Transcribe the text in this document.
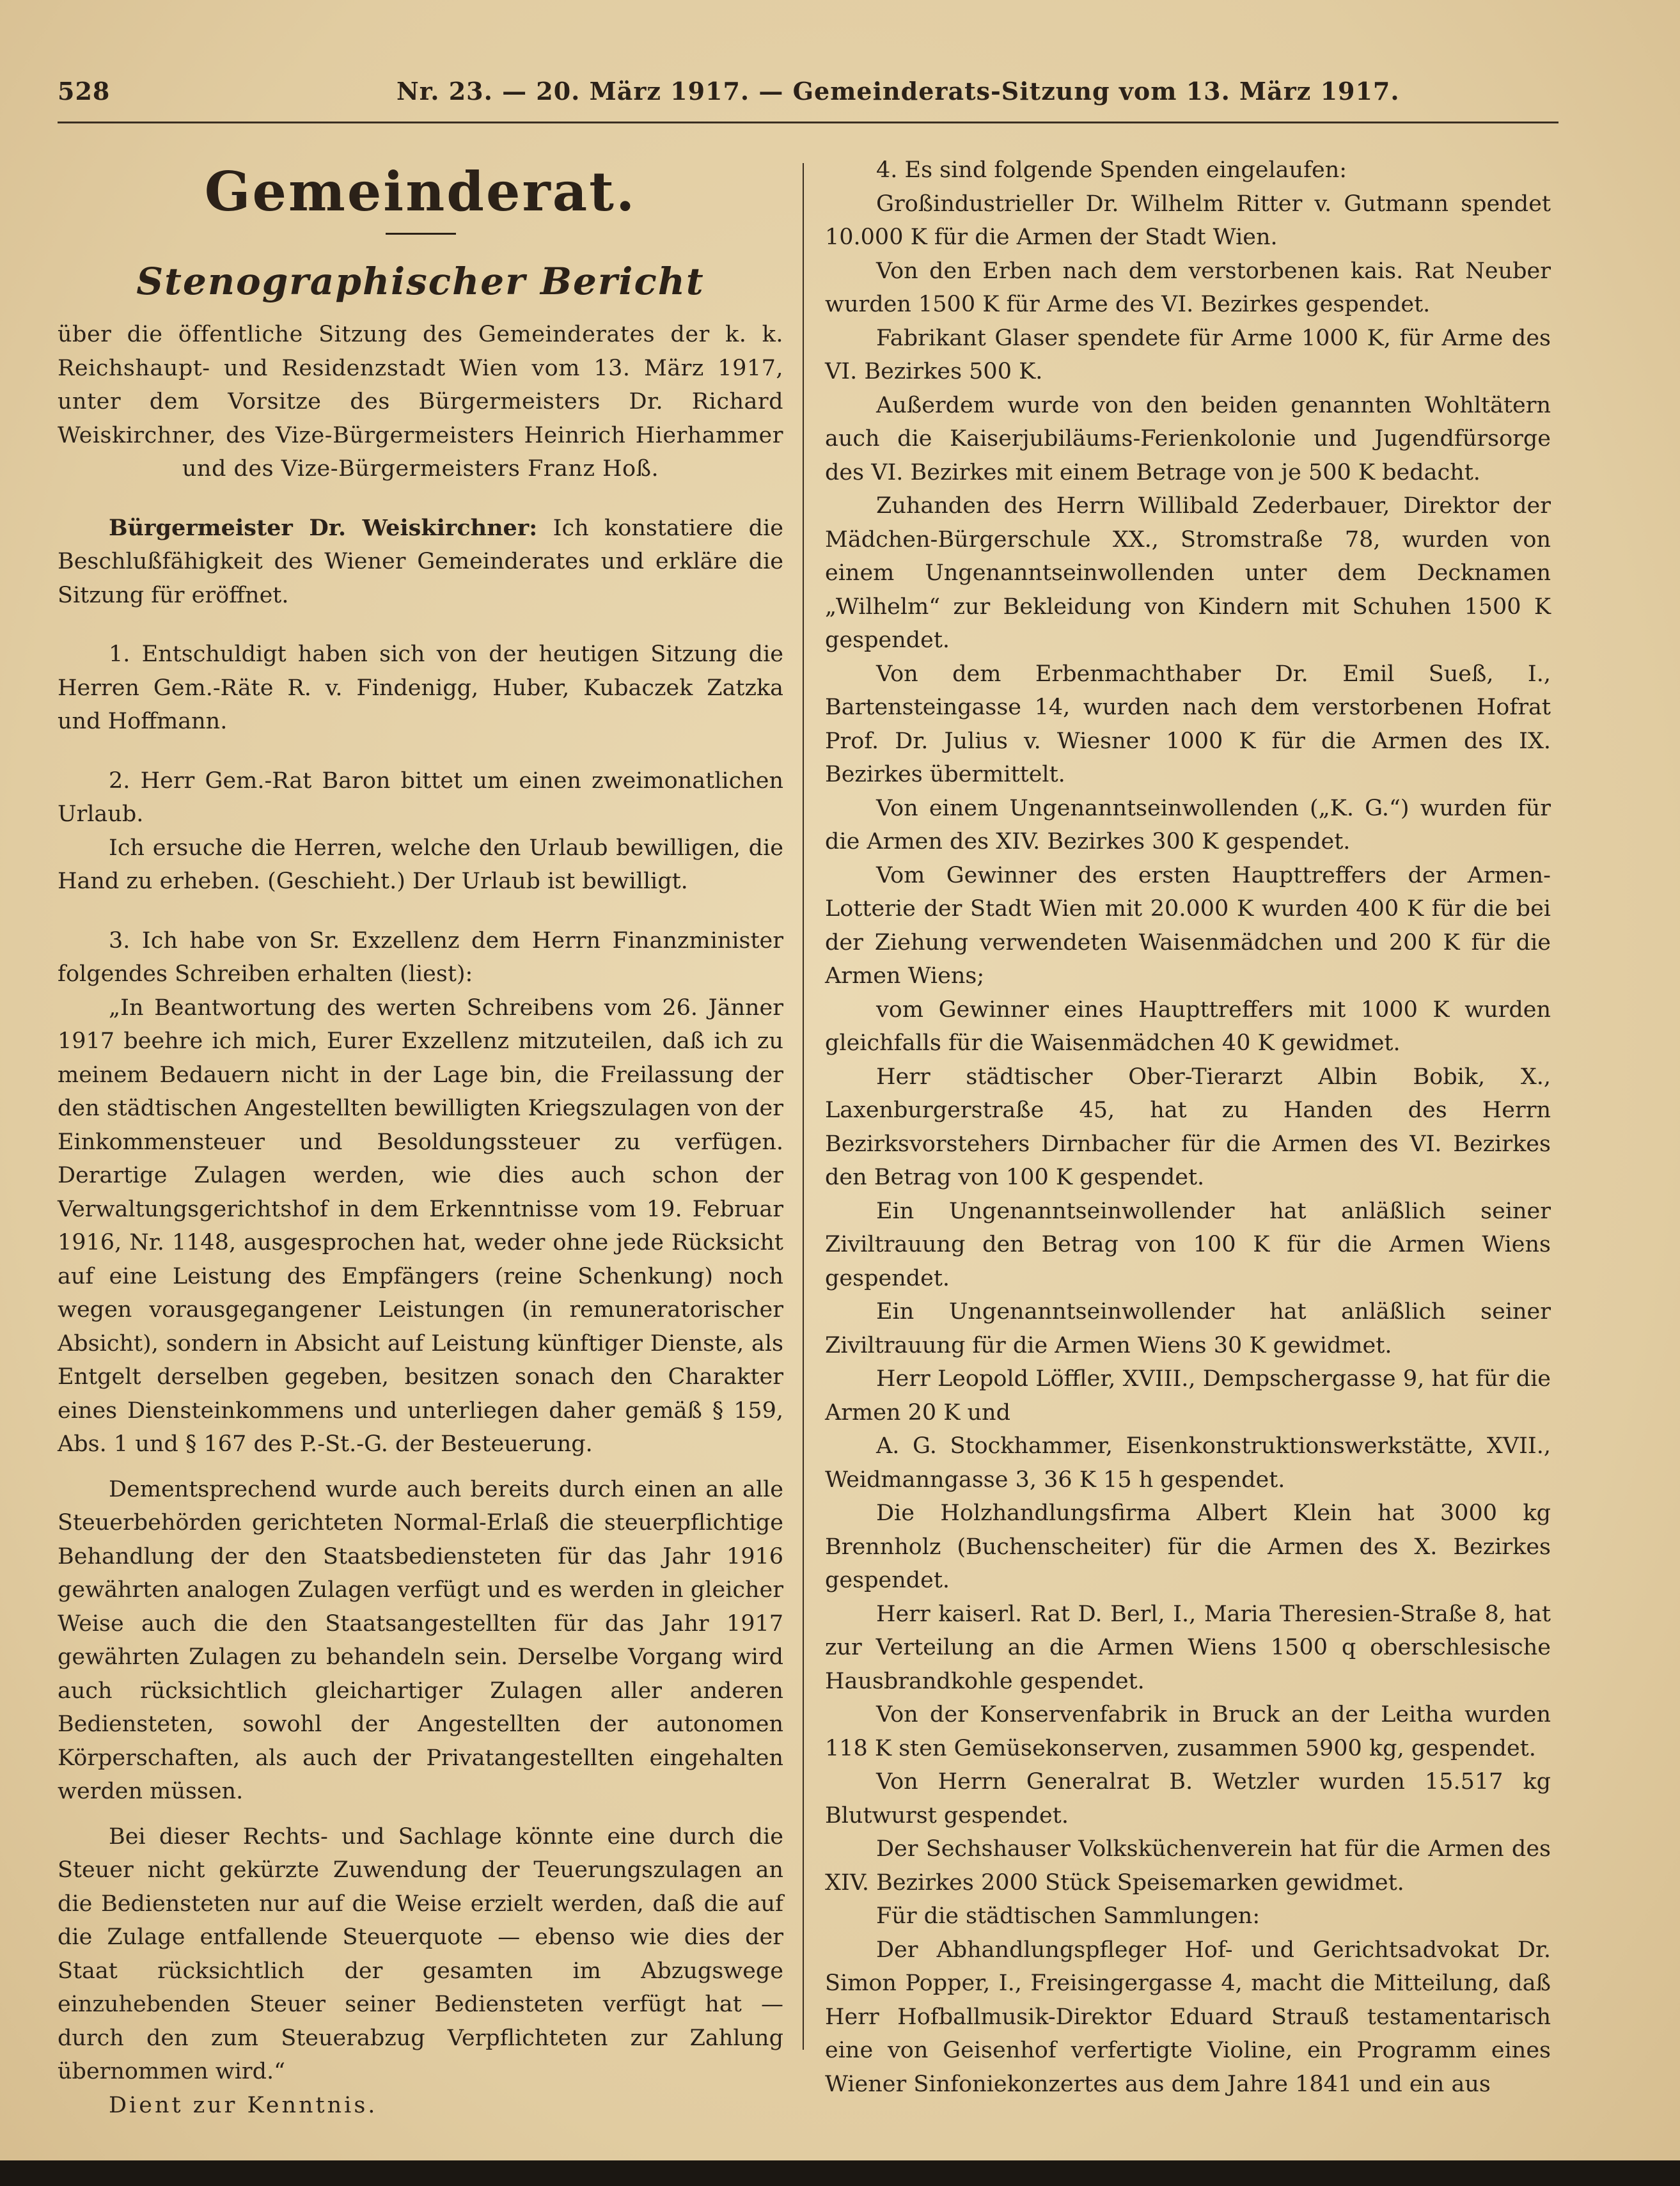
528	Nr. 23. — 20. März 1917. — Gemeinderats-Sitzung vom 13. März 1917.
Gemeinderat.
Stenographischer Bericht

über die öffentliche Sitzung des Gemeinderates der k. k. Reichshaupt- und Residenzstadt Wien vom 13. März 1917, unter dem Vorsitze des Bürgermeisters Dr. Richard Weiskirchner, des Vize-Bürgermeisters Heinrich Hierhammer und des Vize-Bürgermeisters Franz Hoß.

Bürgermeister Dr. Weiskirchner: Ich konstatiere die Beschlußfähigkeit des Wiener Gemeinderates und erkläre die Sitzung für eröffnet.

1. Entschuldigt haben sich von der heutigen Sitzung die Herren Gem.-Räte R. v. Findenigg, Huber, Kubaczek Zatzka und Hoffmann.

2. Herr Gem.-Rat Baron bittet um einen zweimonatlichen Urlaub.

Ich ersuche die Herren, welche den Urlaub bewilligen, die Hand zu erheben. (Geschieht.) Der Urlaub ist bewilligt.

3. Ich habe von Sr. Exzellenz dem Herrn Finanzminister folgendes Schreiben erhalten (liest):

„In Beantwortung des werten Schreibens vom 26. Jänner 1917 beehre ich mich, Eurer Exzellenz mitzuteilen, daß ich zu meinem Bedauern nicht in der Lage bin, die Freilassung der den städtischen Angestellten bewilligten Kriegszulagen von der Einkommensteuer und Besoldungssteuer zu verfügen. Derartige Zulagen werden, wie dies auch schon der Verwaltungsgerichtshof in dem Erkenntnisse vom 19. Februar 1916, Nr. 1148, ausgesprochen hat, weder ohne jede Rücksicht auf eine Leistung des Empfängers (reine Schenkung) noch wegen vorausgegangener Leistungen (in remuneratorischer Absicht), sondern in Absicht auf Leistung künftiger Dienste, als Entgelt derselben gegeben, besitzen sonach den Charakter eines Diensteinkommens und unterliegen daher gemäß § 159, Abs. 1 und § 167 des P.-St.-G. der Besteuerung.

Dementsprechend wurde auch bereits durch einen an alle Steuerbehörden gerichteten Normal-Erlaß die steuerpflichtige Behandlung der den Staatsbediensteten für das Jahr 1916 gewährten analogen Zulagen verfügt und es werden in gleicher Weise auch die den Staatsangestellten für das Jahr 1917 gewährten Zulagen zu behandeln sein. Derselbe Vorgang wird auch rücksichtlich gleichartiger Zulagen aller anderen Bediensteten, sowohl der Angestellten der autonomen Körperschaften, als auch der Privatangestellten eingehalten werden müssen.

Bei dieser Rechts- und Sachlage könnte eine durch die Steuer nicht gekürzte Zuwendung der Teuerungszulagen an die Bediensteten nur auf die Weise erzielt werden, daß die auf die Zulage entfallende Steuerquote — ebenso wie dies der Staat rücksichtlich der gesamten im Abzugswege einzuhebenden Steuer seiner Bediensteten verfügt hat — durch den zum Steuerabzug Verpflichteten zur Zahlung übernommen wird.“

Dient zur Kenntnis.

4. Es sind folgende Spenden eingelaufen:

Großindustrieller Dr. Wilhelm Ritter v. Gutmann spendet 10.000 K für die Armen der Stadt Wien.

Von den Erben nach dem verstorbenen kais. Rat Neuber wurden 1500 K für Arme des VI. Bezirkes gespendet.

Fabrikant Glaser spendete für Arme 1000 K, für Arme des VI. Bezirkes 500 K.

Außerdem wurde von den beiden genannten Wohltätern auch die Kaiserjubiläums-Ferienkolonie und Jugendfürsorge des VI. Bezirkes mit einem Betrage von je 500 K bedacht.

Zuhanden des Herrn Willibald Zederbauer, Direktor der Mädchen-Bürgerschule XX., Stromstraße 78, wurden von einem Ungenanntseinwollenden unter dem Decknamen „Wilhelm“ zur Bekleidung von Kindern mit Schuhen 1500 K gespendet.

Von dem Erbenmachthaber Dr. Emil Sueß, I., Bartensteingasse 14, wurden nach dem verstorbenen Hofrat Prof. Dr. Julius v. Wiesner 1000 K für die Armen des IX. Bezirkes übermittelt.

Von einem Ungenanntseinwollenden („K. G.“) wurden für die Armen des XIV. Bezirkes 300 K gespendet.

Vom Gewinner des ersten Haupttreffers der Armen-Lotterie der Stadt Wien mit 20.000 K wurden 400 K für die bei der Ziehung verwendeten Waisenmädchen und 200 K für die Armen Wiens;

vom Gewinner eines Haupttreffers mit 1000 K wurden gleichfalls für die Waisenmädchen 40 K gewidmet.

Herr städtischer Ober-Tierarzt Albin Bobik, X., Laxenburgerstraße 45, hat zu Handen des Herrn Bezirksvorstehers Dirnbacher für die Armen des VI. Bezirkes den Betrag von 100 K gespendet.

Ein Ungenanntseinwollender hat anläßlich seiner Ziviltrauung den Betrag von 100 K für die Armen Wiens gespendet.

Ein Ungenanntseinwollender hat anläßlich seiner Ziviltrauung für die Armen Wiens 30 K gewidmet.

Herr Leopold Löffler, XVIII., Dempschergasse 9, hat für die Armen 20 K und

A. G. Stockhammer, Eisenkonstruktionswerkstätte, XVII., Weidmanngasse 3, 36 K 15 h gespendet.

Die Holzhandlungsfirma Albert Klein hat 3000 kg Brennholz (Buchenscheiter) für die Armen des X. Bezirkes gespendet.

Herr kaiserl. Rat D. Berl, I., Maria Theresien-Straße 8, hat zur Verteilung an die Armen Wiens 1500 q oberschlesische Hausbrandkohle gespendet.

Von der Konservenfabrik in Bruck an der Leitha wurden 118 K sten Gemüsekonserven, zusammen 5900 kg, gespendet.

Von Herrn Generalrat B. Wetzler wurden 15.517 kg Blutwurst gespendet.

Der Sechshauser Volksküchenverein hat für die Armen des XIV. Bezirkes 2000 Stück Speisemarken gewidmet.

Für die städtischen Sammlungen:

Der Abhandlungspfleger Hof- und Gerichtsadvokat Dr. Simon Popper, I., Freisingergasse 4, macht die Mitteilung, daß Herr Hofballmusik-Direktor Eduard Strauß testamentarisch eine von Geisenhof verfertigte Violine, ein Programm eines Wiener Sinfoniekonzertes aus dem Jahre 1841 und ein aus
